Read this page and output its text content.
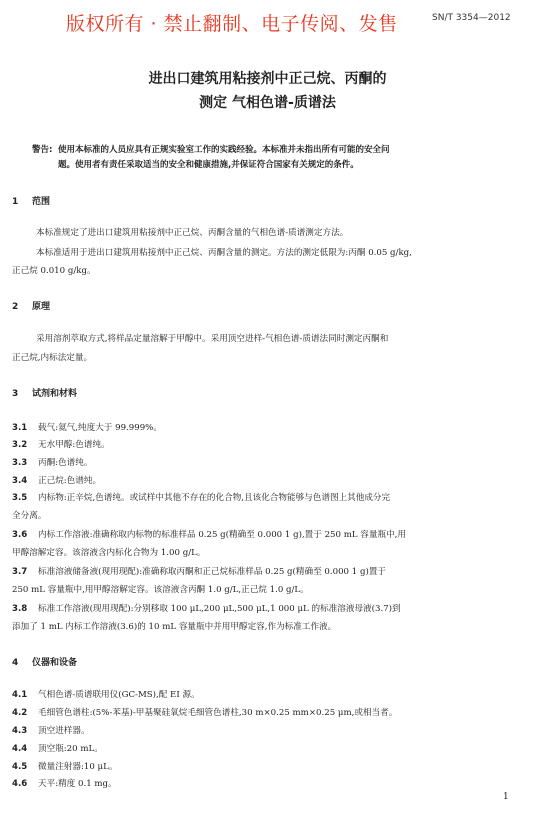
版权所有 · 禁止翻制、电子传阅、发售	SN/T 3354—2012
进出口建筑用粘接剂中正己烷、丙酮的
测定 气相色谱-质谱法
警告: 使用本标准的人员应具有正规实验室工作的实践经验。本标准并未指出所有可能的安全问
题。使用者有责任采取适当的安全和健康措施,并保证符合国家有关规定的条件。
1 范围
本标准规定了进出口建筑用粘接剂中正己烷、丙酮含量的气相色谱-质谱测定方法。
本标准适用于进出口建筑用粘接剂中正己烷、丙酮含量的测定。方法的测定低限为:丙酮 0.05 g/kg,
正己烷 0.010 g/kg。
2 原理
采用溶剂萃取方式,将样品定量溶解于甲醇中。采用顶空进样-气相色谱-质谱法同时测定丙酮和
正己烷,内标法定量。
3 试剂和材料
3.1 载气:氦气,纯度大于 99.999%。
3.2 无水甲醇:色谱纯。
3.3 丙酮:色谱纯。
3.4 正己烷:色谱纯。
3.5 内标物:正辛烷,色谱纯。或试样中其他不存在的化合物,且该化合物能够与色谱图上其他成分完
全分离。
3.6 内标工作溶液:准确称取内标物的标准样品 0.25 g(精确至 0.000 1 g),置于 250 mL 容量瓶中,用
甲醇溶解定容。该溶液含内标化合物为 1.00 g/L。
3.7 标准溶液储备液(现用现配):准确称取丙酮和正己烷标准样品 0.25 g(精确至 0.000 1 g)置于
250 mL 容量瓶中,用甲醇溶解定容。该溶液含丙酮 1.0 g/L,正己烷 1.0 g/L。
3.8 标准工作溶液(现用现配):分别移取 100 μL,200 μL,500 μL,1 000 μL 的标准溶液母液(3.7)到
添加了 1 mL 内标工作溶液(3.6)的 10 mL 容量瓶中并用甲醇定容,作为标准工作液。
4 仪器和设备
4.1 气相色谱-质谱联用仪(GC-MS),配 EI 源。
4.2 毛细管色谱柱:(5%-苯基)-甲基聚硅氧烷毛细管色谱柱,30 m×0.25 mm×0.25 μm,或相当者。
4.3 顶空进样器。
4.4 顶空瓶:20 mL。
4.5 微量注射器:10 μL。
4.6 天平:精度 0.1 mg。
1
